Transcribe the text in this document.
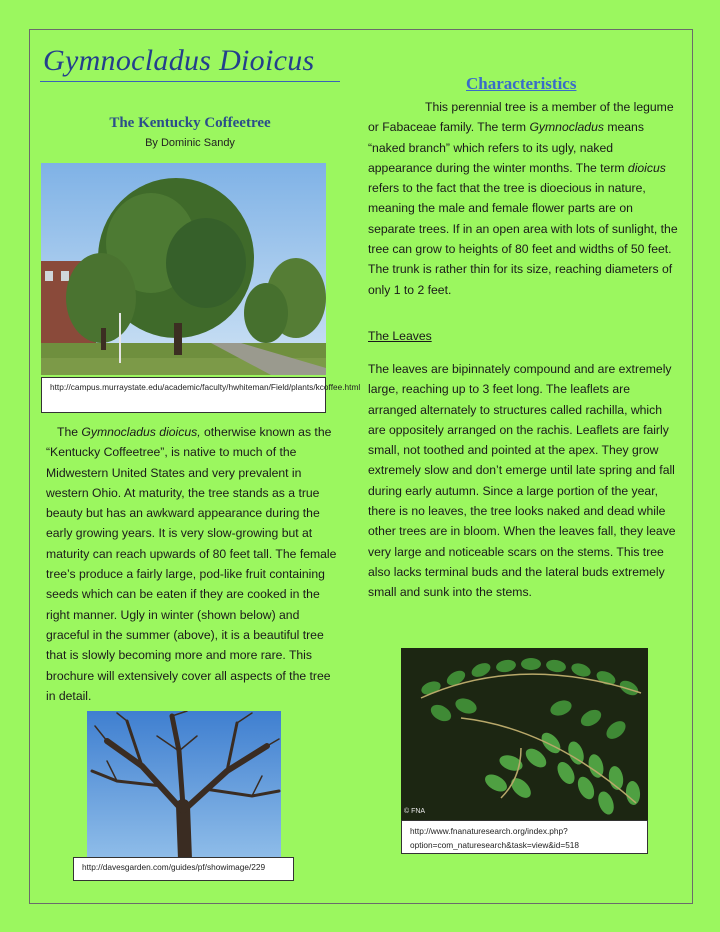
Gymnocladus Dioicus
The Kentucky Coffeetree
By Dominic Sandy
http://campus.murraystate.edu/academic/faculty/hwhiteman/Field/plants/kcoffee.html

The Gymnocladus dioicus, otherwise known as the “Kentucky Coffeetree”, is native to much of the Midwestern United States and very prevalent in western Ohio. At maturity, the tree stands as a true beauty but has an awkward appearance during the early growing years. It is very slow-growing but at maturity can reach upwards of 80 feet tall. The female tree’s produce a fairly large, pod-like fruit containing seeds which can be eaten if they are cooked in the right manner. Ugly in winter (shown below) and graceful in the summer (above), it is a beautiful tree that is slowly becoming more and more rare. This brochure will extensively cover all aspects of the tree in detail.

http://davesgarden.com/guides/pf/showimage/229
Characteristics

This perennial tree is a member of the legume or Fabaceae family. The term Gymnocladus means “naked branch” which refers to its ugly, naked appearance during the winter months. The term dioicus refers to the fact that the tree is dioecious in nature, meaning the male and female flower parts are on separate trees. If in an open area with lots of sunlight, the tree can grow to heights of 80 feet and widths of 50 feet. The trunk is rather thin for its size, reaching diameters of only 1 to 2 feet.

The Leaves

The leaves are bipinnately compound and are extremely large, reaching up to 3 feet long. The leaflets are arranged alternately to structures called rachilla, which are oppositely arranged on the rachis. Leaflets are fairly small, not toothed and pointed at the apex. They grow extremely slow and don’t emerge until late spring and fall during early autumn. Since a large portion of the year, there is no leaves, the tree looks naked and dead while other trees are in bloom. When the leaves fall, they leave very large and noticeable scars on the stems. This tree also lacks terminal buds and the lateral buds extremely small and sunk into the stems.

© FNA
http://www.fnanaturesearch.org/index.php?option=com_naturesearch&task=view&id=518
